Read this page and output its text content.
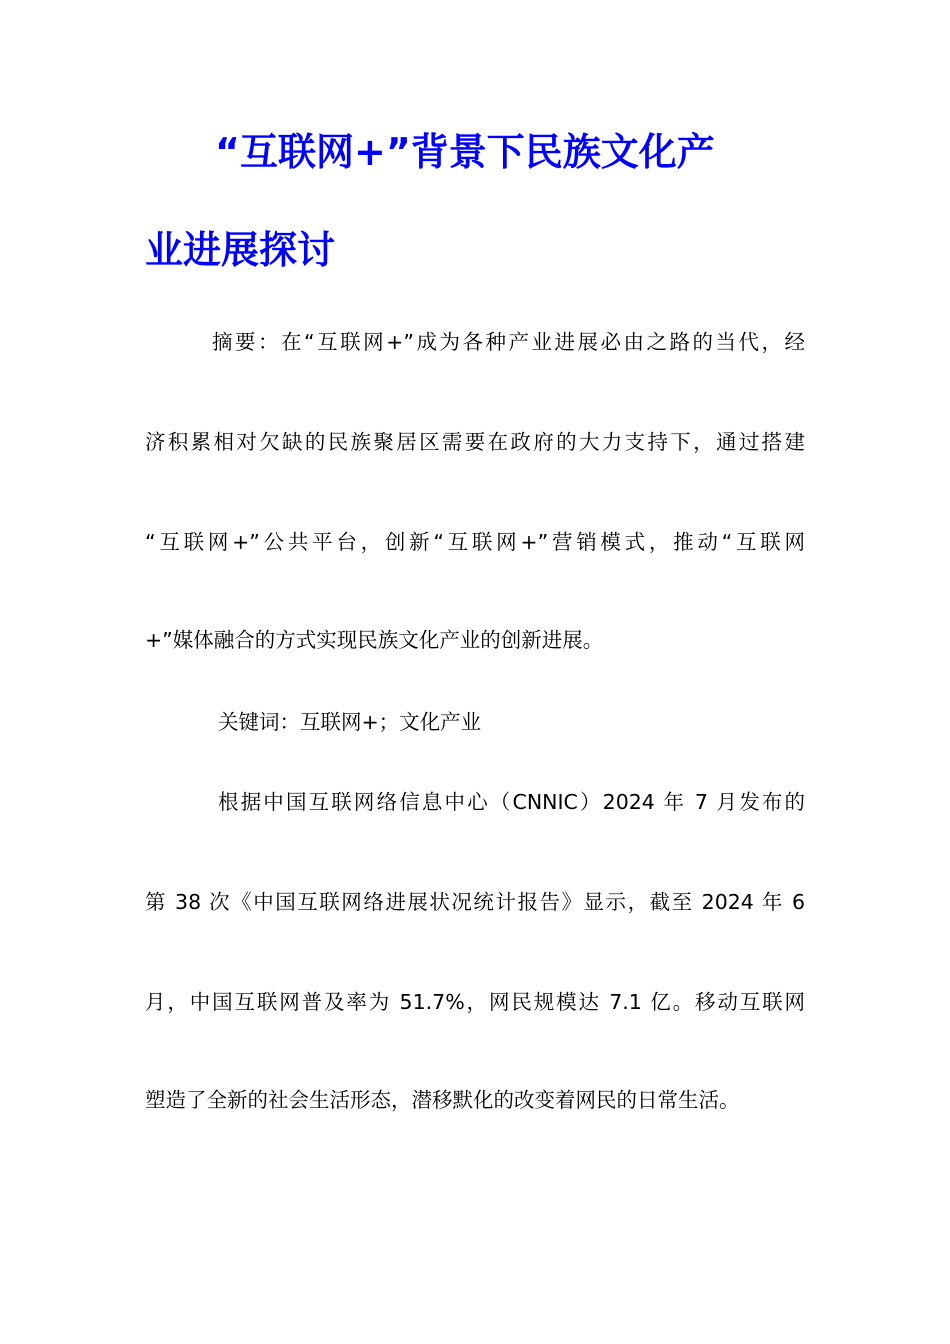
“互联网+”背景下民族文化产
业进展探讨
摘要：在“互联网+”成为各种产业进展必由之路的当代，经
济积累相对欠缺的民族聚居区需要在政府的大力支持下，通过搭建
“互联网+”公共平台，创新“互联网+”营销模式，推动“互联网
+”媒体融合的方式实现民族文化产业的创新进展。
关键词：互联网+；文化产业
根据中国互联网络信息中心（CNNIC）2024 年 7 月发布的
第 38 次《中国互联网络进展状况统计报告》显示，截至 2024 年 6
月，中国互联网普及率为 51.7%，网民规模达 7.1 亿。移动互联网
塑造了全新的社会生活形态，潜移默化的改变着网民的日常生活。
